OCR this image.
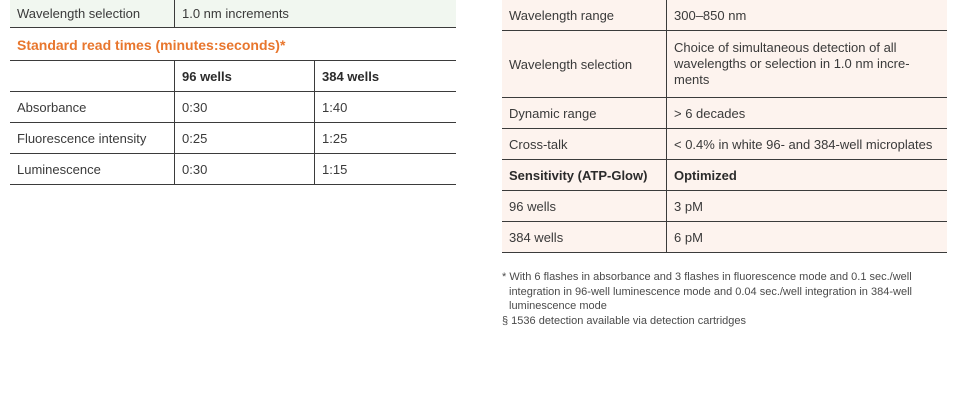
Wavelength selection	1.0 nm increments
Standard read times (minutes:seconds)*
	96 wells	384 wells
Absorbance	0:30	1:40
Fluorescence intensity	0:25	1:25
Luminescence	0:30	1:15
Wavelength range	300–850 nm
Wavelength selection	Choice of simultaneous detection of all wavelengths or selection in 1.0 nm incre-ments
Dynamic range	> 6 decades
Cross-talk	< 0.4% in white 96- and 384-well microplates
Sensitivity (ATP-Glow)	Optimized
96 wells	3 pM
384 wells	6 pM
* With 6 flashes in absorbance and 3 flashes in fluorescence mode and 0.1 sec./well integration in 96-well luminescence mode and 0.04 sec./well integration in 384-well luminescence mode
§ 1536 detection available via detection cartridges
